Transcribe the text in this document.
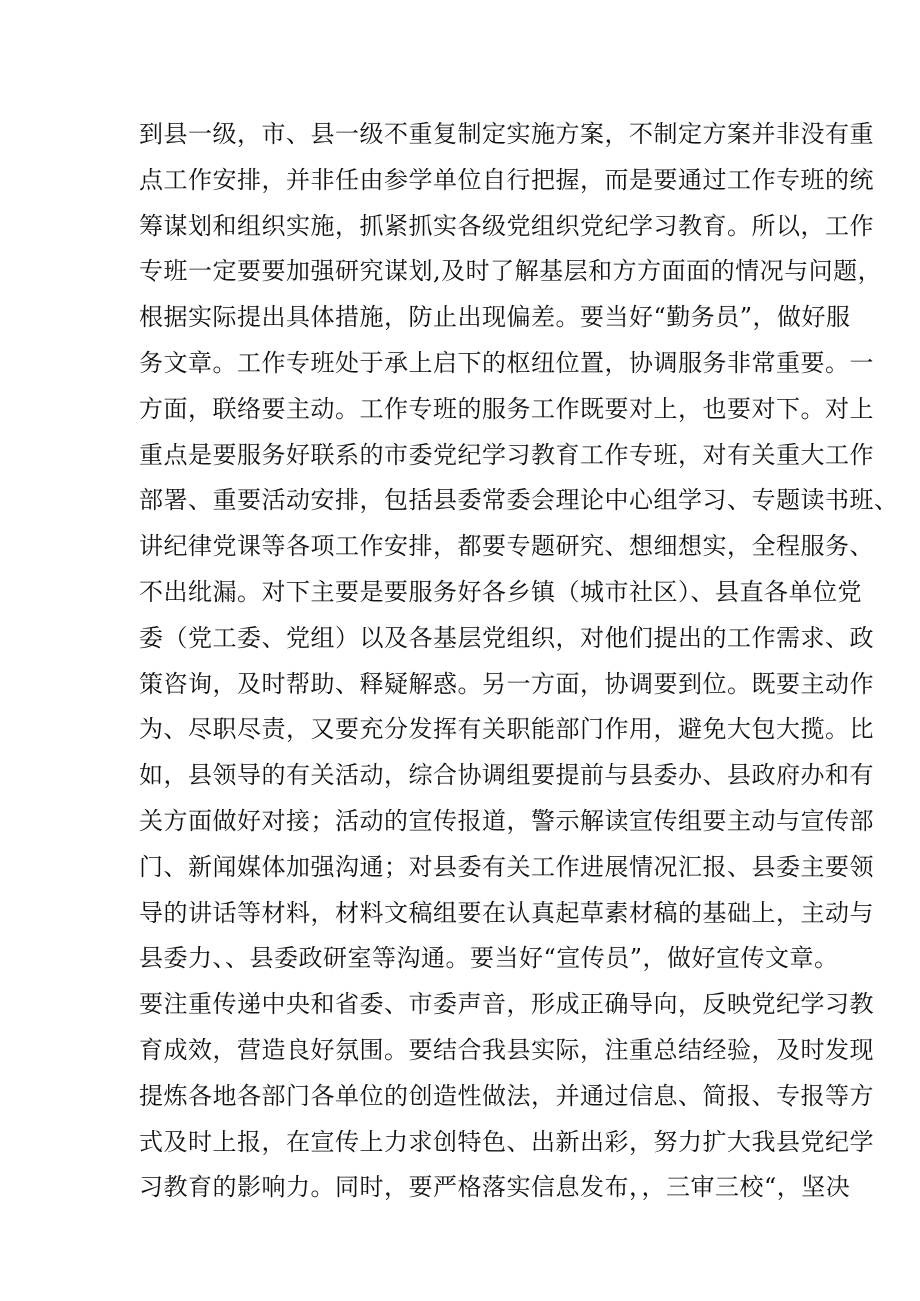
到县一级，市、县一级不重复制定实施方案，不制定方案并非没有重
点工作安排，并非任由参学单位自行把握，而是要通过工作专班的统
筹谋划和组织实施，抓紧抓实各级党组织党纪学习教育。所以，工作
专班一定要要加强研究谋划,及时了解基层和方方面面的情况与问题，
根据实际提出具体措施，防止出现偏差。要当好“勤务员”，做好服
务文章。工作专班处于承上启下的枢纽位置，协调服务非常重要。一
方面，联络要主动。工作专班的服务工作既要对上，也要对下。对上
重点是要服务好联系的市委党纪学习教育工作专班，对有关重大工作
部署、重要活动安排，包括县委常委会理论中心组学习、专题读书班、
讲纪律党课等各项工作安排，都要专题研究、想细想实，全程服务、
不出纰漏。对下主要是要服务好各乡镇（城市社区）、县直各单位党
委（党工委、党组）以及各基层党组织，对他们提出的工作需求、政
策咨询，及时帮助、释疑解惑。另一方面，协调要到位。既要主动作
为、尽职尽责，又要充分发挥有关职能部门作用，避免大包大揽。比
如，县领导的有关活动，综合协调组要提前与县委办、县政府办和有
关方面做好对接；活动的宣传报道，警示解读宣传组要主动与宣传部
门、新闻媒体加强沟通；对县委有关工作进展情况汇报、县委主要领
导的讲话等材料，材料文稿组要在认真起草素材稿的基础上，主动与
县委力、、县委政研室等沟通。要当好“宣传员”，做好宣传文章。
要注重传递中央和省委、市委声音，形成正确导向，反映党纪学习教
育成效，营造良好氛围。要结合我县实际，注重总结经验，及时发现
提炼各地各部门各单位的创造性做法，并通过信息、简报、专报等方
式及时上报，在宣传上力求创特色、出新出彩，努力扩大我县党纪学
习教育的影响力。同时，要严格落实信息发布，，三审三校“，坚决
